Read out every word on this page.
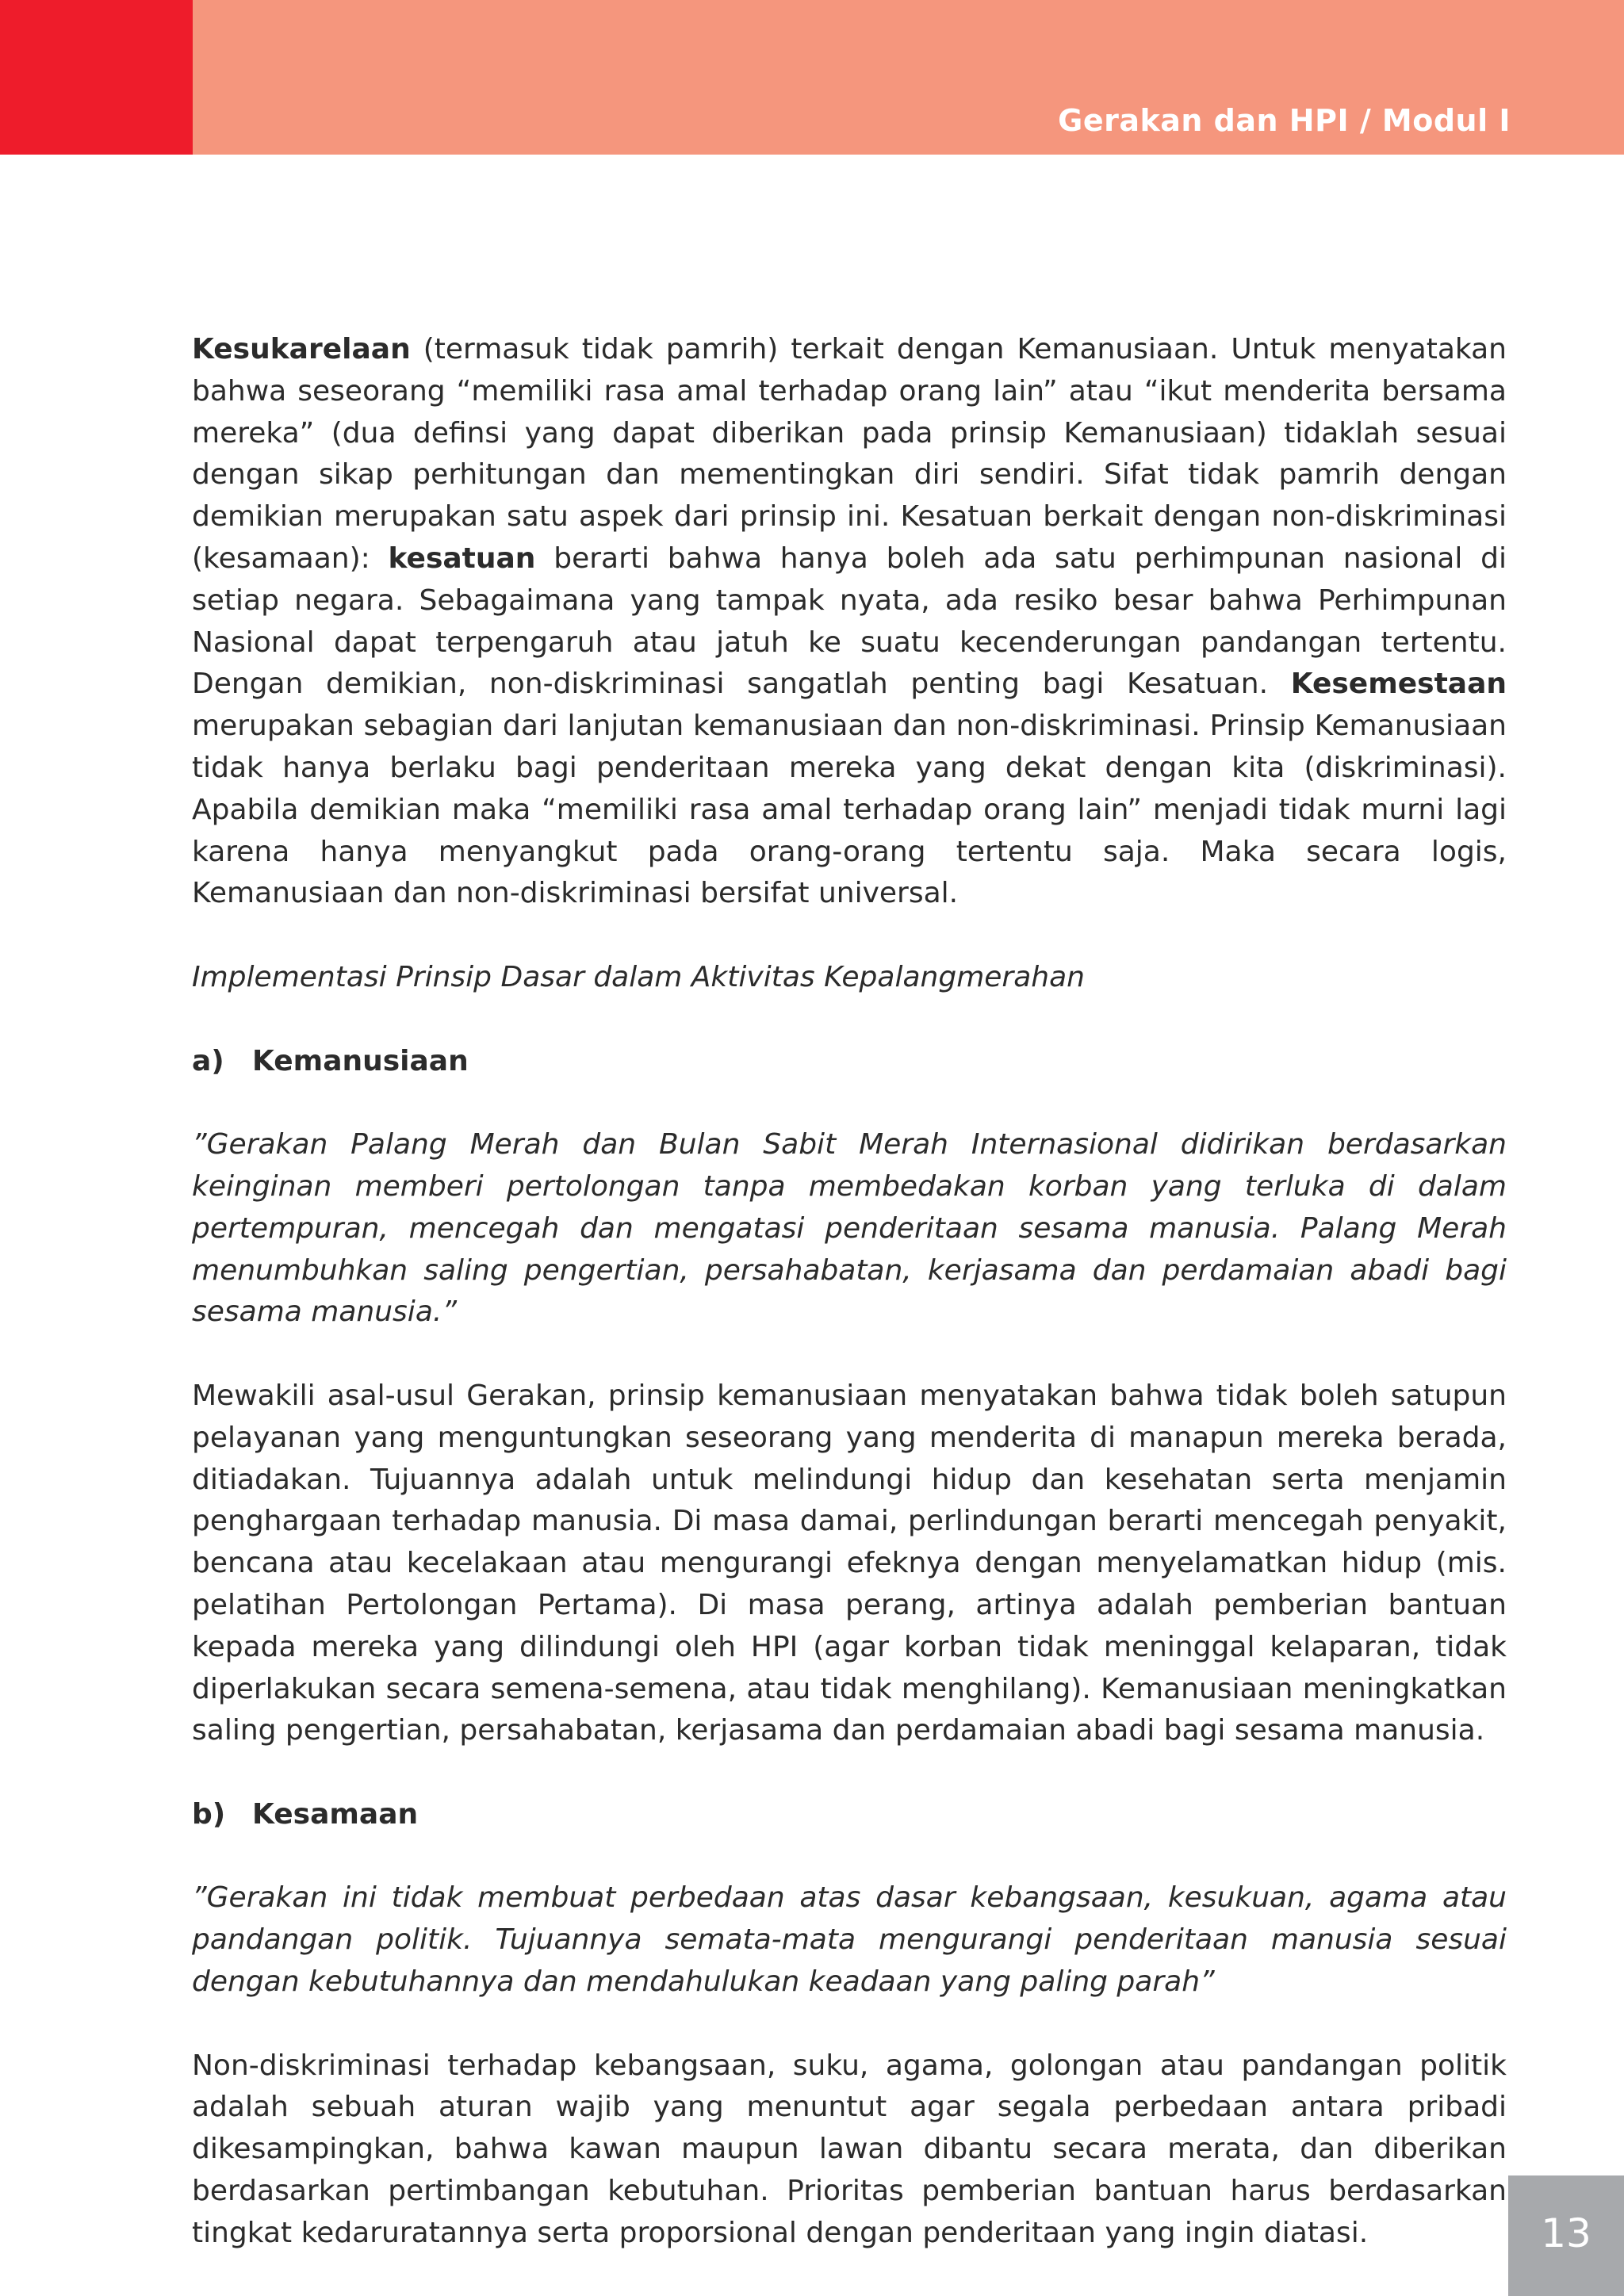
Gerakan dan HPI / Modul I

Kesukarelaan (termasuk tidak pamrih) terkait dengan Kemanusiaan. Untuk menyatakan bahwa seseorang “memiliki rasa amal terhadap orang lain” atau “ikut menderita bersama mereka” (dua definsi yang dapat diberikan pada prinsip Kemanusiaan) tidaklah sesuai dengan sikap perhitungan dan mementingkan diri sendiri. Sifat tidak pamrih dengan demikian merupakan satu aspek dari prinsip ini. Kesatuan berkait dengan non-diskriminasi (kesamaan): kesatuan berarti bahwa hanya boleh ada satu perhimpunan nasional di setiap negara. Sebagaimana yang tampak nyata, ada resiko besar bahwa Perhimpunan Nasional dapat terpengaruh atau jatuh ke suatu kecenderungan pandangan tertentu. Dengan demikian, non-diskriminasi sangatlah penting bagi Kesatuan. Kesemestaan merupakan sebagian dari lanjutan kemanusiaan dan non-diskriminasi. Prinsip Kemanusiaan tidak hanya berlaku bagi penderitaan mereka yang dekat dengan kita (diskriminasi). Apabila demikian maka “memiliki rasa amal terhadap orang lain” menjadi tidak murni lagi karena hanya menyangkut pada orang-orang tertentu saja. Maka secara logis, Kemanusiaan dan non-diskriminasi bersifat universal.

Implementasi Prinsip Dasar dalam Aktivitas Kepalangmerahan

a) Kemanusiaan

”Gerakan Palang Merah dan Bulan Sabit Merah Internasional didirikan berdasarkan keinginan memberi pertolongan tanpa membedakan korban yang terluka di dalam pertempuran, mencegah dan mengatasi penderitaan sesama manusia. Palang Merah menumbuhkan saling pengertian, persahabatan, kerjasama dan perdamaian abadi bagi sesama manusia.”

Mewakili asal-usul Gerakan, prinsip kemanusiaan menyatakan bahwa tidak boleh satupun pelayanan yang menguntungkan seseorang yang menderita di manapun mereka berada, ditiadakan. Tujuannya adalah untuk melindungi hidup dan kesehatan serta menjamin penghargaan terhadap manusia. Di masa damai, perlindungan berarti mencegah penyakit, bencana atau kecelakaan atau mengurangi efeknya dengan menyelamatkan hidup (mis. pelatihan Pertolongan Pertama). Di masa perang, artinya adalah pemberian bantuan kepada mereka yang dilindungi oleh HPI (agar korban tidak meninggal kelaparan, tidak diperlakukan secara semena-semena, atau tidak menghilang). Kemanusiaan meningkatkan saling pengertian, persahabatan, kerjasama dan perdamaian abadi bagi sesama manusia.

b) Kesamaan

”Gerakan ini tidak membuat perbedaan atas dasar kebangsaan, kesukuan, agama atau pandangan politik. Tujuannya semata-mata mengurangi penderitaan manusia sesuai dengan kebutuhannya dan mendahulukan keadaan yang paling parah”

Non-diskriminasi terhadap kebangsaan, suku, agama, golongan atau pandangan politik adalah sebuah aturan wajib yang menuntut agar segala perbedaan antara pribadi dikesampingkan, bahwa kawan maupun lawan dibantu secara merata, dan diberikan berdasarkan pertimbangan kebutuhan. Prioritas pemberian bantuan harus berdasarkan tingkat kedaruratannya serta proporsional dengan penderitaan yang ingin diatasi.	13
